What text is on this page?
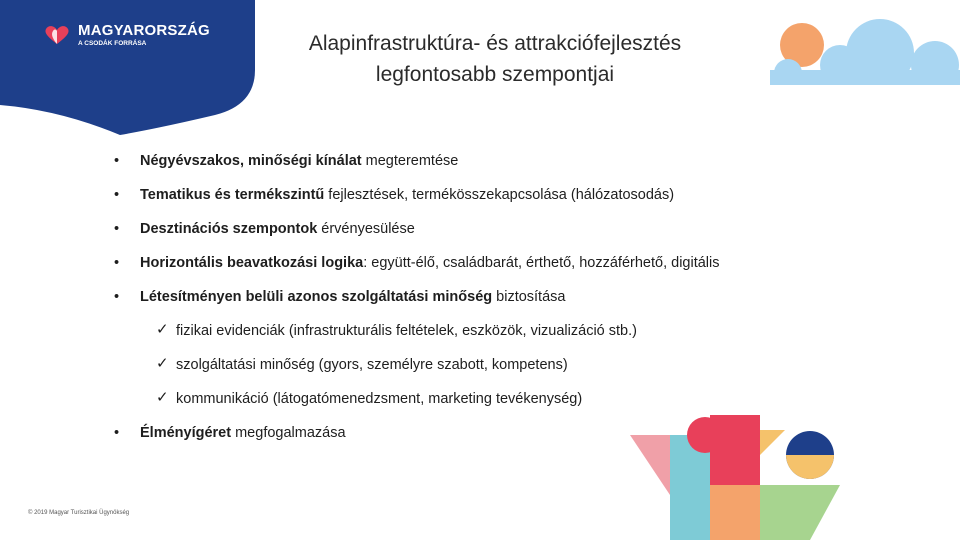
MAGYARORSZÁG
A CSODÁK FORRÁSA	Alapinfrastruktúra- és attrakciófejlesztés
legfontosabb szempontjai
• Négyévszakos, minőségi kínálat megteremtése
• Tematikus és termékszintű fejlesztések, termékösszekapcsolása (hálózatosodás)
• Desztinációs szempontok érvényesülése
• Horizontális beavatkozási logika: együtt-élő, családbarát, érthető, hozzáférhető, digitális
• Létesítményen belüli azonos szolgáltatási minőség biztosítása
✓ fizikai evidenciák (infrastrukturális feltételek, eszközök, vizualizáció stb.)
✓ szolgáltatási minőség (gyors, személyre szabott, kompetens)
✓ kommunikáció (látogatómenedzsment, marketing tevékenység)
• Élményígéret megfogalmazása
© 2019 Magyar Turisztikai Ügynökség
